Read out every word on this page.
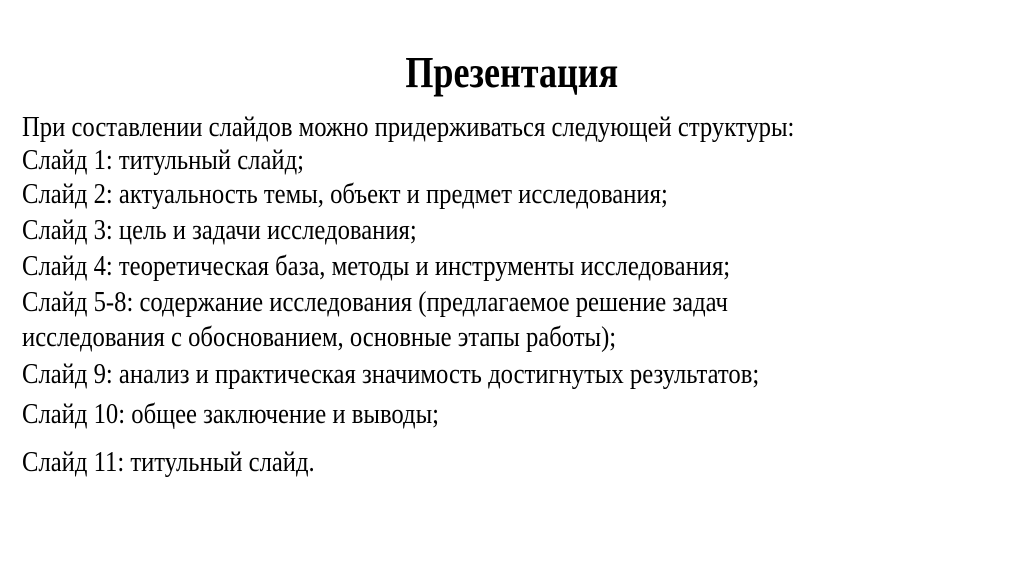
Презентация
При составлении слайдов можно придерживаться следующей структуры:
Слайд 1: титульный слайд;
Слайд 2: актуальность темы, объект и предмет исследования;
Слайд 3: цель и задачи исследования;
Слайд 4: теоретическая база, методы и инструменты исследования;
Слайд 5-8: содержание исследования (предлагаемое решение задач
исследования с обоснованием, основные этапы работы);
Слайд 9: анализ и практическая значимость достигнутых результатов;
Слайд 10: общее заключение и выводы;
Слайд 11: титульный слайд.
